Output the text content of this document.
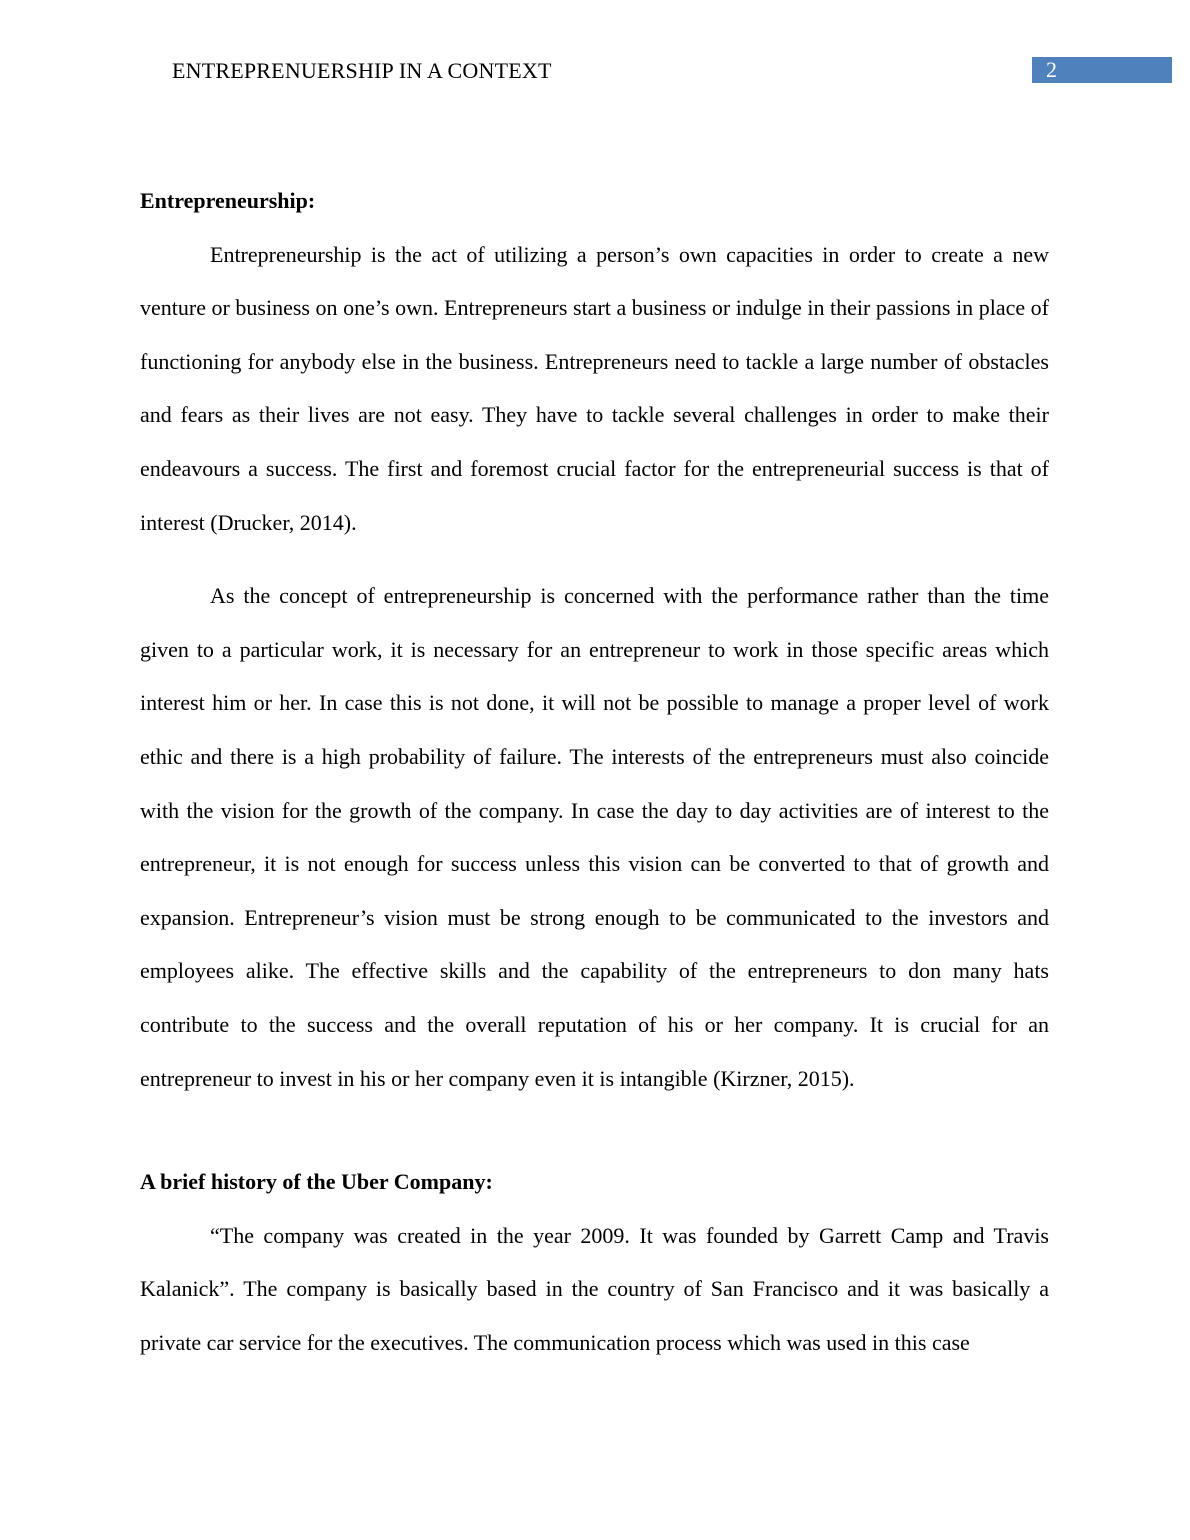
ENTREPRENUERSHIP IN A CONTEXT	2
Entrepreneurship:

Entrepreneurship is the act of utilizing a person’s own capacities in order to create a new venture or business on one’s own. Entrepreneurs start a business or indulge in their passions in place of functioning for anybody else in the business. Entrepreneurs need to tackle a large number of obstacles and fears as their lives are not easy. They have to tackle several challenges in order to make their endeavours a success. The first and foremost crucial factor for the entrepreneurial success is that of interest (Drucker, 2014).

As the concept of entrepreneurship is concerned with the performance rather than the time given to a particular work, it is necessary for an entrepreneur to work in those specific areas which interest him or her. In case this is not done, it will not be possible to manage a proper level of work ethic and there is a high probability of failure. The interests of the entrepreneurs must also coincide with the vision for the growth of the company. In case the day to day activities are of interest to the entrepreneur, it is not enough for success unless this vision can be converted to that of growth and expansion. Entrepreneur’s vision must be strong enough to be communicated to the investors and employees alike. The effective skills and the capability of the entrepreneurs to don many hats contribute to the success and the overall reputation of his or her company. It is crucial for an entrepreneur to invest in his or her company even it is intangible (Kirzner, 2015).

A brief history of the Uber Company:

“The company was created in the year 2009. It was founded by Garrett Camp and Travis Kalanick”. The company is basically based in the country of San Francisco and it was basically a private car service for the executives. The communication process which was used in this case
